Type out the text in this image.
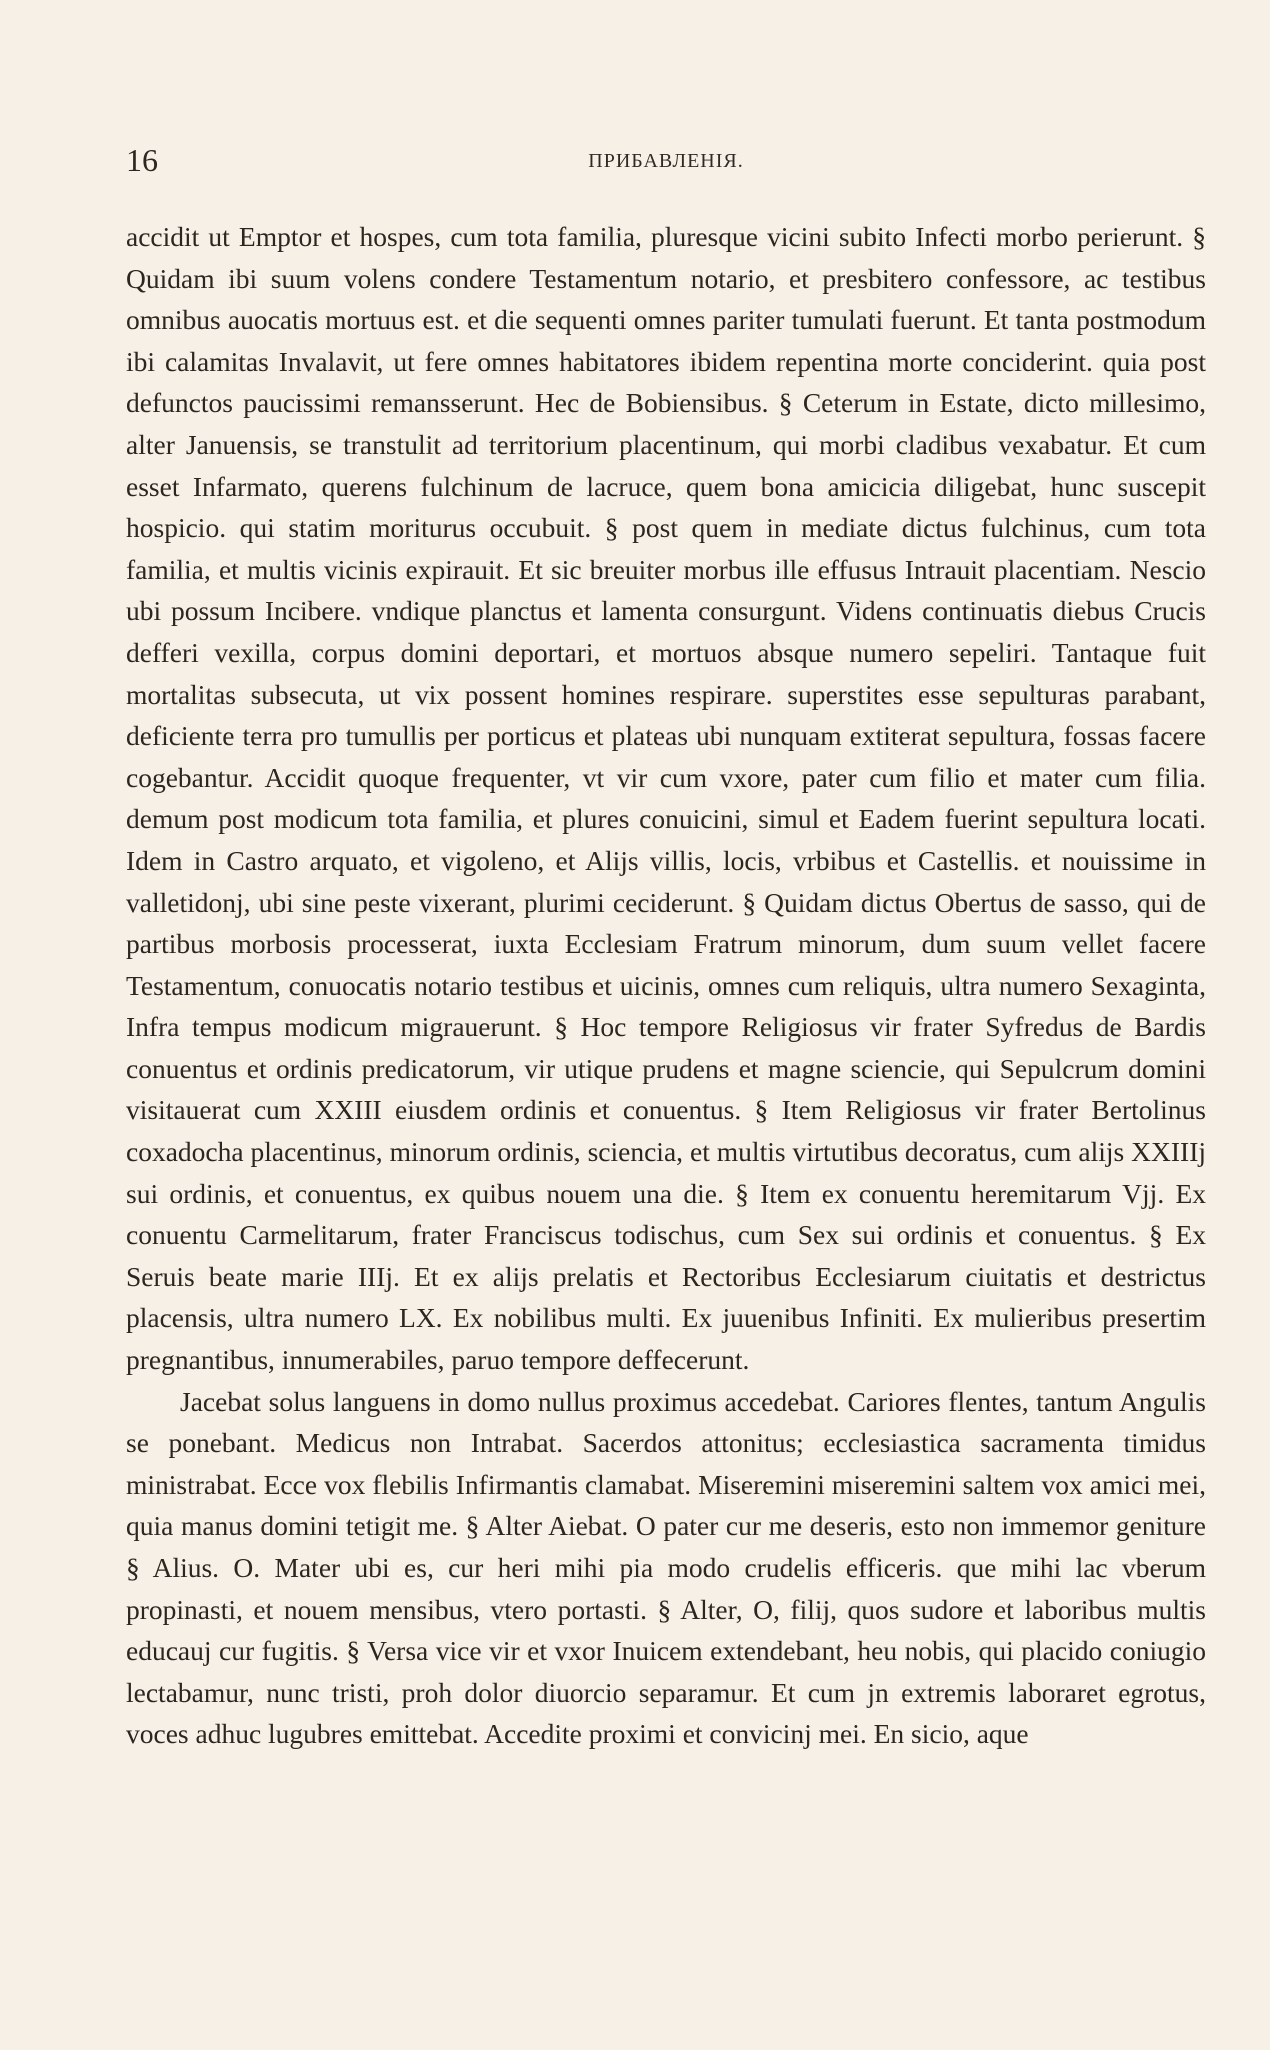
16	ПРИБАВЛЕНІЯ.

accidit ut Emptor et hospes, cum tota familia, pluresque vicini subito Infecti morbo perierunt. § Quidam ibi suum volens condere Testamentum notario, et presbitero confessore, ac testibus omnibus auocatis mortuus est. et die sequenti omnes pariter tumulati fuerunt. Et tanta postmodum ibi calamitas Invalavit, ut fere omnes habitatores ibidem repentina morte conciderint. quia post defunctos paucissimi remansserunt. Hec de Bobiensibus. § Ceterum in Estate, dicto millesimo, alter Januensis, se transtulit ad territorium placentinum, qui morbi cladibus vexabatur. Et cum esset Infarmato, querens fulchinum de lacruce, quem bona amicicia diligebat, hunc suscepit hospicio. qui statim moriturus occubuit. § post quem in mediate dictus fulchinus, cum tota familia, et multis vicinis expirauit. Et sic breuiter morbus ille effusus Intrauit placentiam. Nescio ubi possum Incibere. vndique planctus et lamenta consurgunt. Videns continuatis diebus Crucis defferi vexilla, corpus domini deportari, et mortuos absque numero sepeliri. Tantaque fuit mortalitas subsecuta, ut vix possent homines respirare. superstites esse sepulturas parabant, deficiente terra pro tumullis per porticus et plateas ubi nunquam extiterat sepultura, fossas facere cogebantur. Accidit quoque frequenter, vt vir cum vxore, pater cum filio et mater cum filia. demum post modicum tota familia, et plures conuicini, simul et Eadem fuerint sepultura locati. Idem in Castro arquato, et vigoleno, et Alijs villis, locis, vrbibus et Castellis. et nouissime in valletidonj, ubi sine peste vixerant, plurimi ceciderunt. § Quidam dictus Obertus de sasso, qui de partibus morbosis processerat, iuxta Ecclesiam Fratrum minorum, dum suum vellet facere Testamentum, conuocatis notario testibus et uicinis, omnes cum reliquis, ultra numero Sexaginta, Infra tempus modicum migrauerunt. § Hoc tempore Religiosus vir frater Syfredus de Bardis conuentus et ordinis predicatorum, vir utique prudens et magne sciencie, qui Sepulcrum domini visitauerat cum XXIII eiusdem ordinis et conuentus. § Item Religiosus vir frater Bertolinus coxadocha placentinus, minorum ordinis, sciencia, et multis virtutibus decoratus, cum alijs XXIIIj sui ordinis, et conuentus, ex quibus nouem una die. § Item ex conuentu heremitarum Vjj. Ex conuentu Carmelitarum, frater Franciscus todischus, cum Sex sui ordinis et conuentus. § Ex Seruis beate marie IIIj. Et ex alijs prelatis et Rectoribus Ecclesiarum ciuitatis et destrictus placensis, ultra numero LX. Ex nobilibus multi. Ex juuenibus Infiniti. Ex mulieribus presertim pregnantibus, innumerabiles, paruo tempore deffecerunt.

Jacebat solus languens in domo nullus proximus accedebat. Cariores flentes, tantum Angulis se ponebant. Medicus non Intrabat. Sacerdos attonitus; ecclesiastica sacramenta timidus ministrabat. Ecce vox flebilis Infirmantis clamabat. Miseremini miseremini saltem vox amici mei, quia manus domini tetigit me. § Alter Aiebat. O pater cur me deseris, esto non immemor geniture § Alius. O. Mater ubi es, cur heri mihi pia modo crudelis efficeris. que mihi lac vberum propinasti, et nouem mensibus, vtero portasti. § Alter, O, filij, quos sudore et laboribus multis educauj cur fugitis. § Versa vice vir et vxor Inuicem extendebant, heu nobis, qui placido coniugio lectabamur, nunc tristi, proh dolor diuorcio separamur. Et cum jn extremis laboraret egrotus, voces adhuc lugubres emittebat. Accedite proximi et convicinj mei. En sicio, aque
